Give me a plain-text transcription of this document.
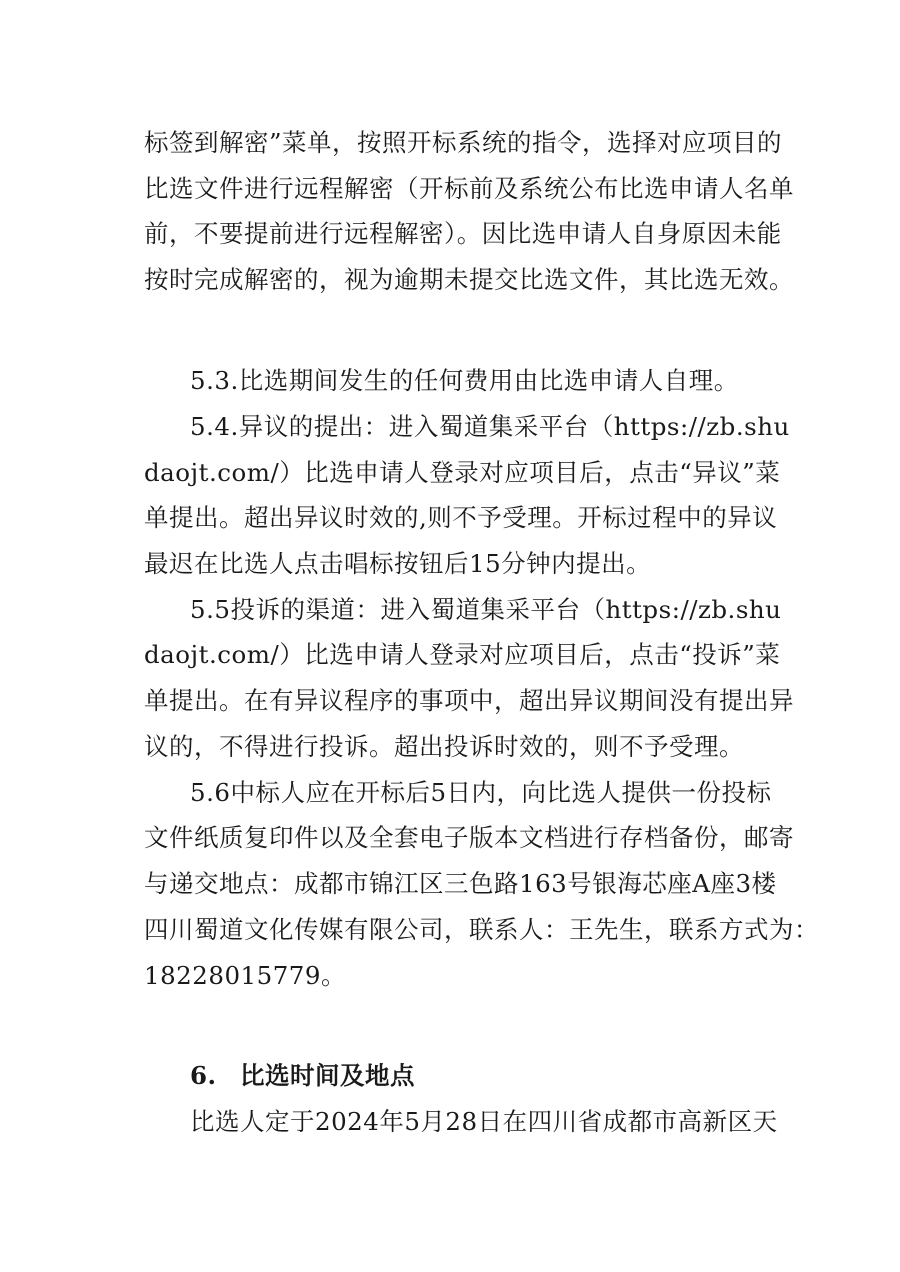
标签到解密”菜单，按照开标系统的指令，选择对应项目的
比选文件进行远程解密（开标前及系统公布比选申请人名单
前，不要提前进行远程解密）。因比选申请人自身原因未能
按时完成解密的，视为逾期未提交比选文件，其比选无效。
5.3.比选期间发生的任何费用由比选申请人自理。
5.4.异议的提出：进入蜀道集采平台（https://zb.shu
daojt.com/）比选申请人登录对应项目后，点击“异议”菜
单提出。超出异议时效的,则不予受理。开标过程中的异议
最迟在比选人点击唱标按钮后15分钟内提出。
5.5投诉的渠道：进入蜀道集采平台（https://zb.shu
daojt.com/）比选申请人登录对应项目后，点击“投诉”菜
单提出。在有异议程序的事项中，超出异议期间没有提出异
议的，不得进行投诉。超出投诉时效的，则不予受理。
5.6中标人应在开标后5日内，向比选人提供一份投标
文件纸质复印件以及全套电子版本文档进行存档备份，邮寄
与递交地点：成都市锦江区三色路163号银海芯座A座3楼
四川蜀道文化传媒有限公司，联系人：王先生，联系方式为：
18228015779。
6. 比选时间及地点
比选人定于2024年5月28日在四川省成都市高新区天
